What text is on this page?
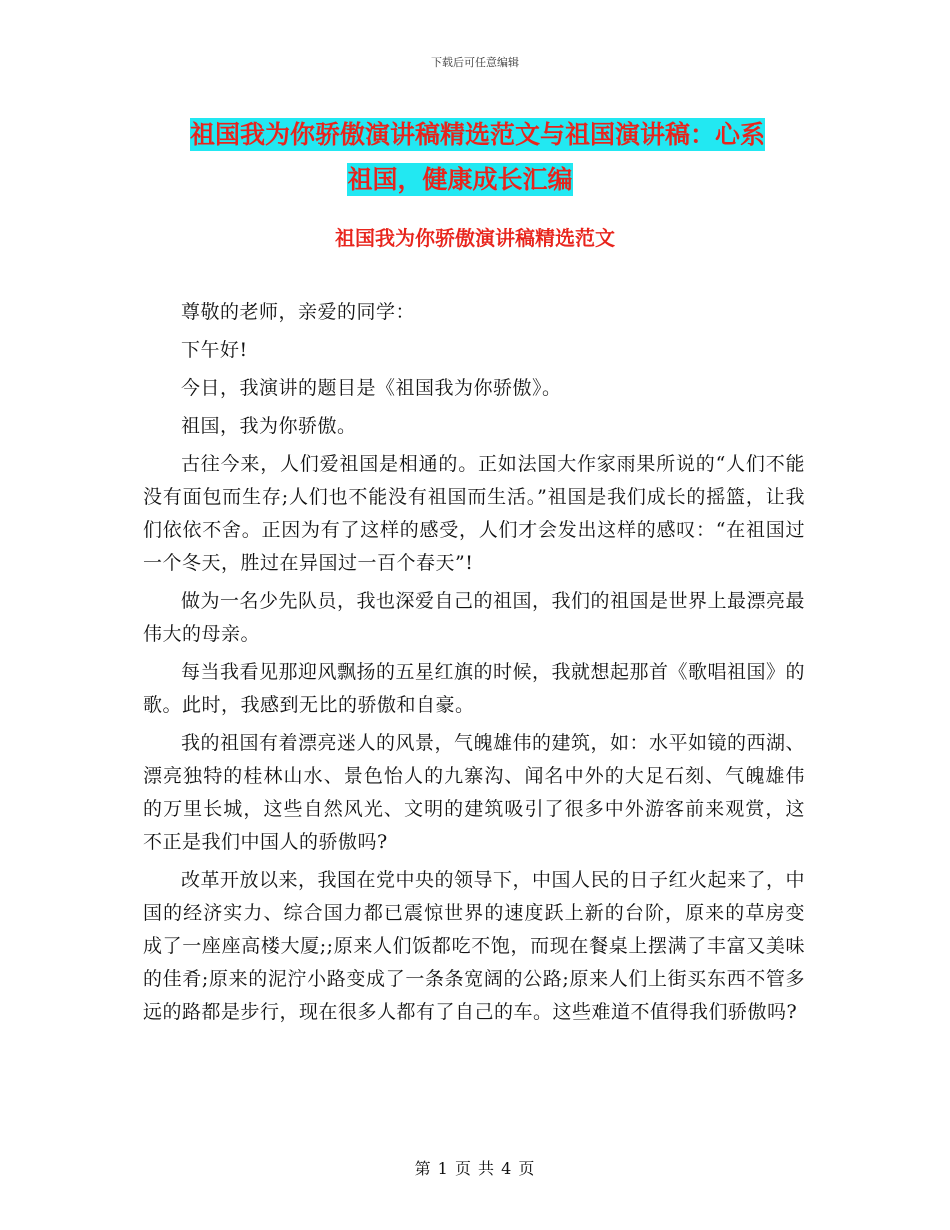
下载后可任意编辑
祖国我为你骄傲演讲稿精选范文与祖国演讲稿：心系
祖国，健康成长汇编
祖国我为你骄傲演讲稿精选范文

尊敬的老师，亲爱的同学：

下午好!

今日，我演讲的题目是《祖国我为你骄傲》。

祖国，我为你骄傲。

古往今来，人们爱祖国是相通的。正如法国大作家雨果所说的“人们不能没有面包而生存;人们也不能没有祖国而生活。”祖国是我们成长的摇篮，让我们依依不舍。正因为有了这样的感受，人们才会发出这样的感叹：“在祖国过一个冬天，胜过在异国过一百个春天”!

做为一名少先队员，我也深爱自己的祖国，我们的祖国是世界上最漂亮最伟大的母亲。

每当我看见那迎风飘扬的五星红旗的时候，我就想起那首《歌唱祖国》的歌。此时，我感到无比的骄傲和自豪。

我的祖国有着漂亮迷人的风景，气魄雄伟的建筑，如：水平如镜的西湖、漂亮独特的桂林山水、景色怡人的九寨沟、闻名中外的大足石刻、气魄雄伟的万里长城，这些自然风光、文明的建筑吸引了很多中外游客前来观赏，这不正是我们中国人的骄傲吗?

改革开放以来，我国在党中央的领导下，中国人民的日子红火起来了，中国的经济实力、综合国力都已震惊世界的速度跃上新的台阶，原来的草房变成了一座座高楼大厦;;原来人们饭都吃不饱，而现在餐桌上摆满了丰富又美味的佳肴;原来的泥泞小路变成了一条条宽阔的公路;原来人们上街买东西不管多远的路都是步行，现在很多人都有了自己的车。这些难道不值得我们骄傲吗?

第 1 页 共 4 页
